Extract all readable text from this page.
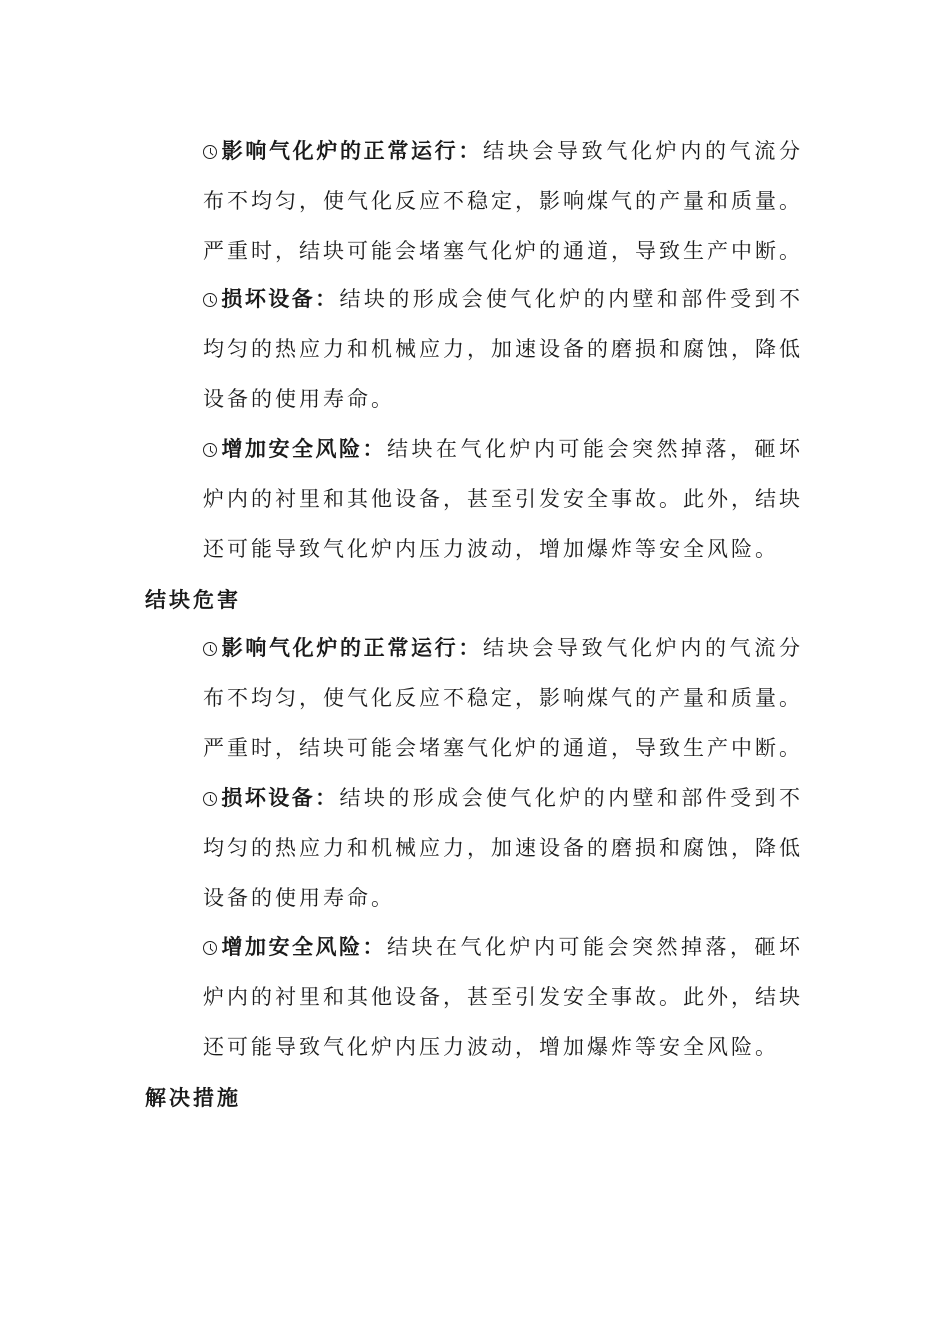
影响气化炉的正常运行：结块会导致气化炉内的气流分布不均匀，使气化反应不稳定，影响煤气的产量和质量。严重时，结块可能会堵塞气化炉的通道，导致生产中断。

损坏设备：结块的形成会使气化炉的内壁和部件受到不均匀的热应力和机械应力，加速设备的磨损和腐蚀，降低设备的使用寿命。

增加安全风险：结块在气化炉内可能会突然掉落，砸坏炉内的衬里和其他设备，甚至引发安全事故。此外，结块还可能导致气化炉内压力波动，增加爆炸等安全风险。

结块危害

影响气化炉的正常运行：结块会导致气化炉内的气流分布不均匀，使气化反应不稳定，影响煤气的产量和质量。严重时，结块可能会堵塞气化炉的通道，导致生产中断。

损坏设备：结块的形成会使气化炉的内壁和部件受到不均匀的热应力和机械应力，加速设备的磨损和腐蚀，降低设备的使用寿命。

增加安全风险：结块在气化炉内可能会突然掉落，砸坏炉内的衬里和其他设备，甚至引发安全事故。此外，结块还可能导致气化炉内压力波动，增加爆炸等安全风险。

解决措施
